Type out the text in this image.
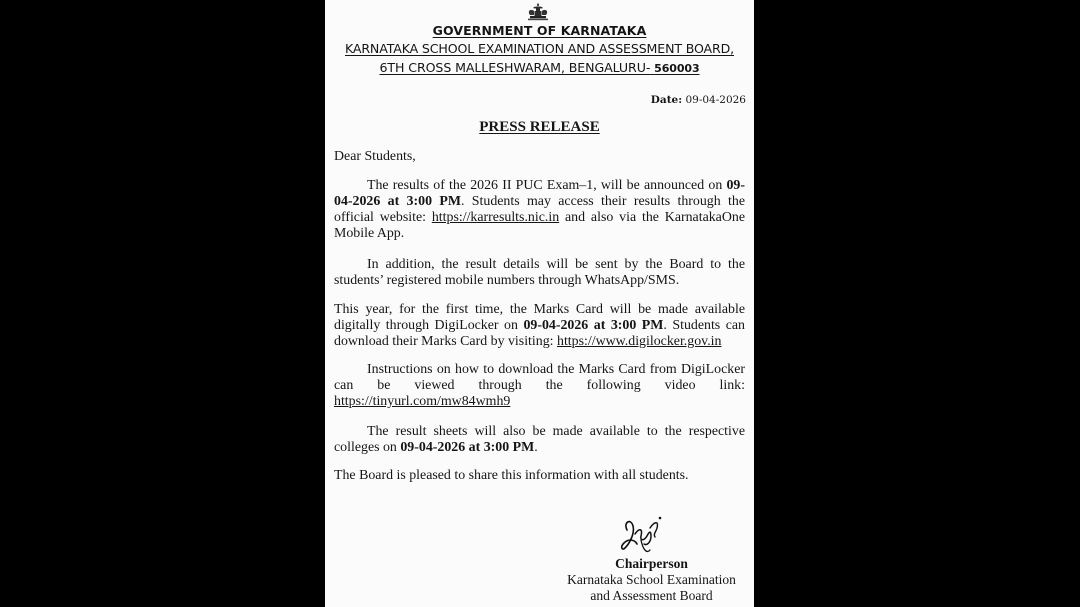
GOVERNMENT OF KARNATAKA
KARNATAKA SCHOOL EXAMINATION AND ASSESSMENT BOARD,
6TH CROSS MALLESHWARAM, BENGALURU- 560003
Date: 09-04-2026
PRESS RELEASE
Dear Students,
The results of the 2026 II PUC Exam–1, will be announced on 09-04-2026 at 3:00 PM. Students may access their results through the official website: https://karresults.nic.in and also via the KarnatakaOne Mobile App.
In addition, the result details will be sent by the Board to the students’ registered mobile numbers through WhatsApp/SMS.
This year, for the first time, the Marks Card will be made available digitally through DigiLocker on 09-04-2026 at 3:00 PM. Students can download their Marks Card by visiting: https://www.digilocker.gov.in
Instructions on how to download the Marks Card from DigiLocker can be viewed through the following video link: https://tinyurl.com/mw84wmh9
The result sheets will also be made available to the respective colleges on 09-04-2026 at 3:00 PM.
The Board is pleased to share this information with all students.
Chairperson
Karnataka School Examination
and Assessment Board
